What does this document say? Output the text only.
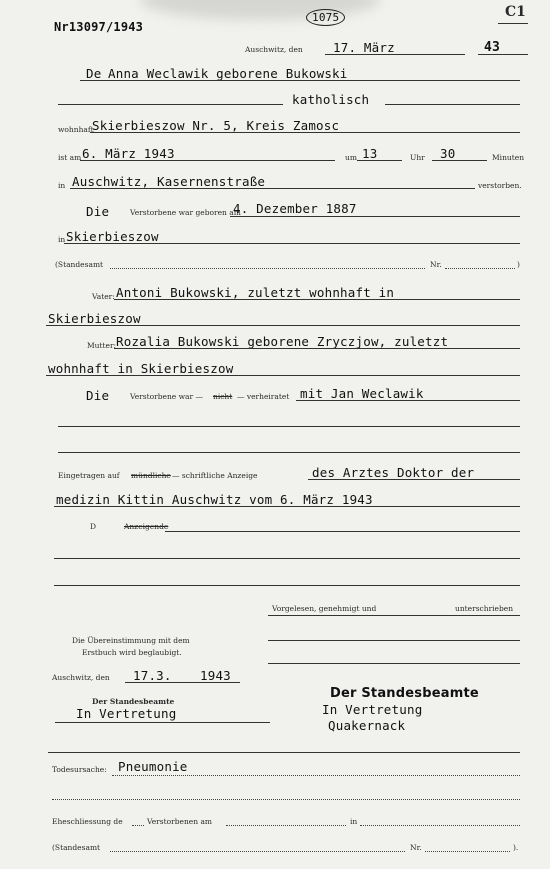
Nr13097/1943
1075	C1
Auschwitz, den 17. März	43
De Anna Weclawik geborene Bukowski
katholisch
wohnhaft
Skierbieszow Nr. 5, Kreis Zamosc
ist am 6. März 1943	um 13	Uhr 30	Minuten
in Auschwitz, Kasernenstraße	verstorben.
Die	Verstorbene war geboren am
4. Dezember 1887
in Skierbieszow
(Standesamt	Nr.	)
Vater: Antoni Bukowski, zuletzt wohnhaft in
Skierbieszow
Mutter: Rozalia Bukowski geborene Zryczjow, zuletzt
wohnhaft in Skierbieszow
Die	Verstorbene war — nicht — verheiratet mit Jan Weclawik
Eingetragen auf mündliche — schriftliche Anzeige	des Arztes Doktor der
medizin Kittin Auschwitz vom 6. März 1943
D	Anzeigende
Vorgelesen, genehmigt und	unterschrieben
Die Übereinstimmung mit dem
Erstbuch wird beglaubigt.
Auschwitz, den 17.3. 1943
Der Standesbeamte
In Vertretung
Der Standesbeamte
In Vertretung
Quakernack
Todesursache: Pneumonie
Eheschliessung de	Verstorbenen am	in
(Standesamt	Nr.	).
